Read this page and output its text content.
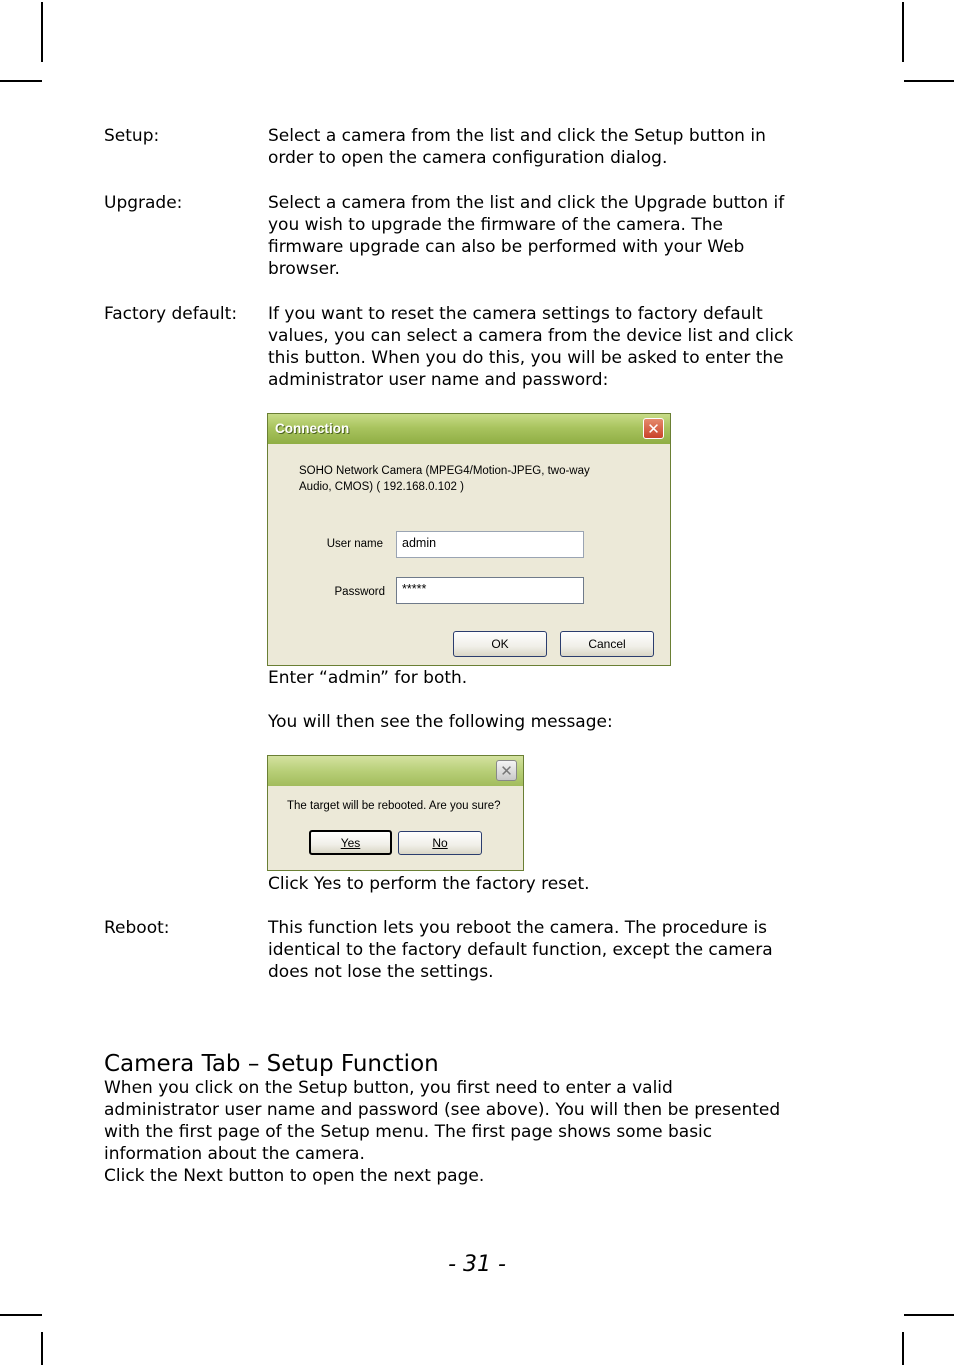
Setup:	Select a camera from the list and click the Setup button in

order to open the camera configuration dialog.

Upgrade:	Select a camera from the list and click the Upgrade button if

you wish to upgrade the firmware of the camera. The

firmware upgrade can also be performed with your Web

browser.

Factory default: If you want to reset the camera settings to factory default

values, you can select a camera from the device list and click

this button. When you do this, you will be asked to enter the

administrator user name and password:

Connection	✕
SOHO Network Camera (MPEG4/Motion-JPEG, two-way
Audio, CMOS) ( 192.168.0.102 )
User name	admin
Password	*****
OK	Cancel
Enter “admin” for both.
You will then see the following message:
✕
The target will be rebooted. Are you sure?
Yes	No
Click Yes to perform the factory reset.
Reboot:	This function lets you reboot the camera. The procedure is

identical to the factory default function, except the camera

does not lose the settings.

Camera Tab – Setup Function

When you click on the Setup button, you first need to enter a valid

administrator user name and password (see above). You will then be presented

with the first page of the Setup menu. The first page shows some basic

information about the camera.

Click the Next button to open the next page.

- 31 -
